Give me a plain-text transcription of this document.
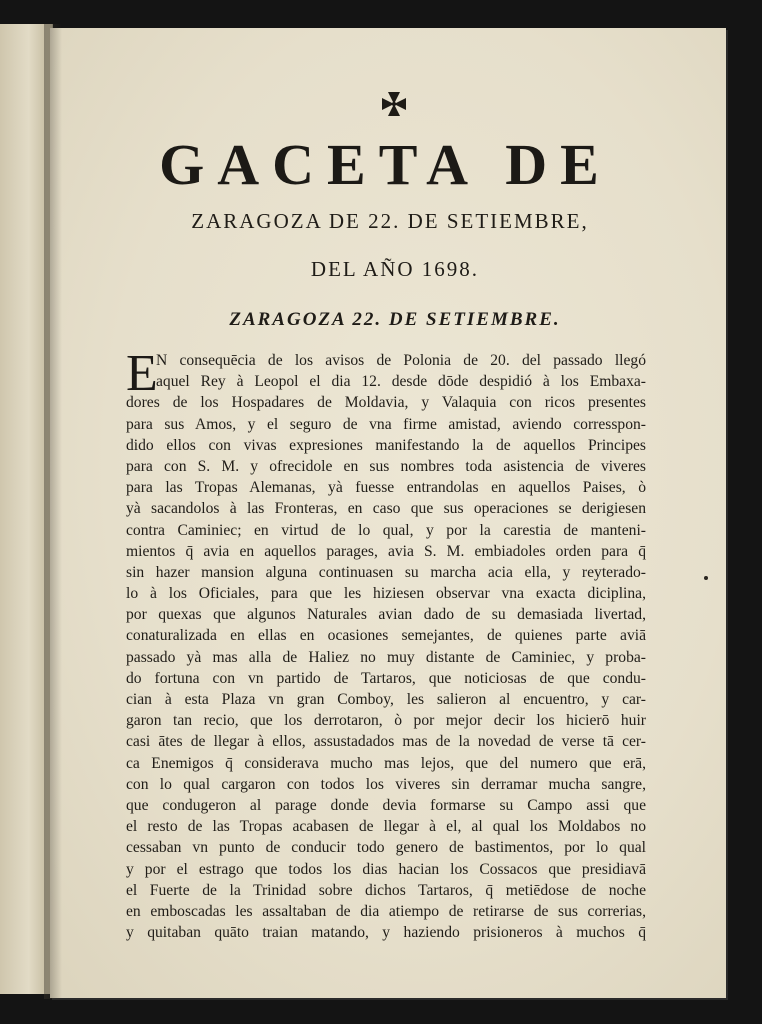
GACETA DE
ZARAGOZA DE 22. DE SETIEMBRE,
DEL AÑO 1698.
ZARAGOZA 22. DE SETIEMBRE.
E
N consequēcia de los avisos de Polonia de 20. del passado llegó
aquel Rey à Leopol el dia 12. desde dōde despidió à los Embaxa-
dores de los Hospadares de Moldavia, y Valaquia con ricos presentes
para sus Amos, y el seguro de vna firme amistad, aviendo corresspon-
dido ellos con vivas expresiones manifestando la de aquellos Principes
para con S. M. y ofrecidole en sus nombres toda asistencia de viveres
para las Tropas Alemanas, yà fuesse entrandolas en aquellos Paises, ò
yà sacandolos à las Fronteras, en caso que sus operaciones se derigiesen
contra Caminiec; en virtud de lo qual, y por la carestia de manteni-
mientos q̄ avia en aquellos parages, avia S. M. embiadoles orden para q̄
sin hazer mansion alguna continuasen su marcha acia ella, y reyterado-
lo à los Oficiales, para que les hiziesen observar vna exacta diciplina,
por quexas que algunos Naturales avian dado de su demasiada livertad,
conaturalizada en ellas en ocasiones semejantes, de quienes parte aviā
passado yà mas alla de Haliez no muy distante de Caminiec, y proba-
do fortuna con vn partido de Tartaros, que noticiosas de que condu-
cian à esta Plaza vn gran Comboy, les salieron al encuentro, y car-
garon tan recio, que los derrotaron, ò por mejor decir los hicierō huir
casi ātes de llegar à ellos, assustadados mas de la novedad de verse tā cer-
ca Enemigos q̄ considerava mucho mas lejos, que del numero que erā,
con lo qual cargaron con todos los viveres sin derramar mucha sangre,
que condugeron al parage donde devia formarse su Campo assi que
el resto de las Tropas acabasen de llegar à el, al qual los Moldabos no
cessaban vn punto de conducir todo genero de bastimentos, por lo qual
y por el estrago que todos los dias hacian los Cossacos que presidiavā
el Fuerte de la Trinidad sobre dichos Tartaros, q̄ metiēdose de noche
en emboscadas les assaltaban de dia atiempo de retirarse de sus correrias,
y quitaban quāto traian matando, y haziendo prisioneros à muchos q̄
